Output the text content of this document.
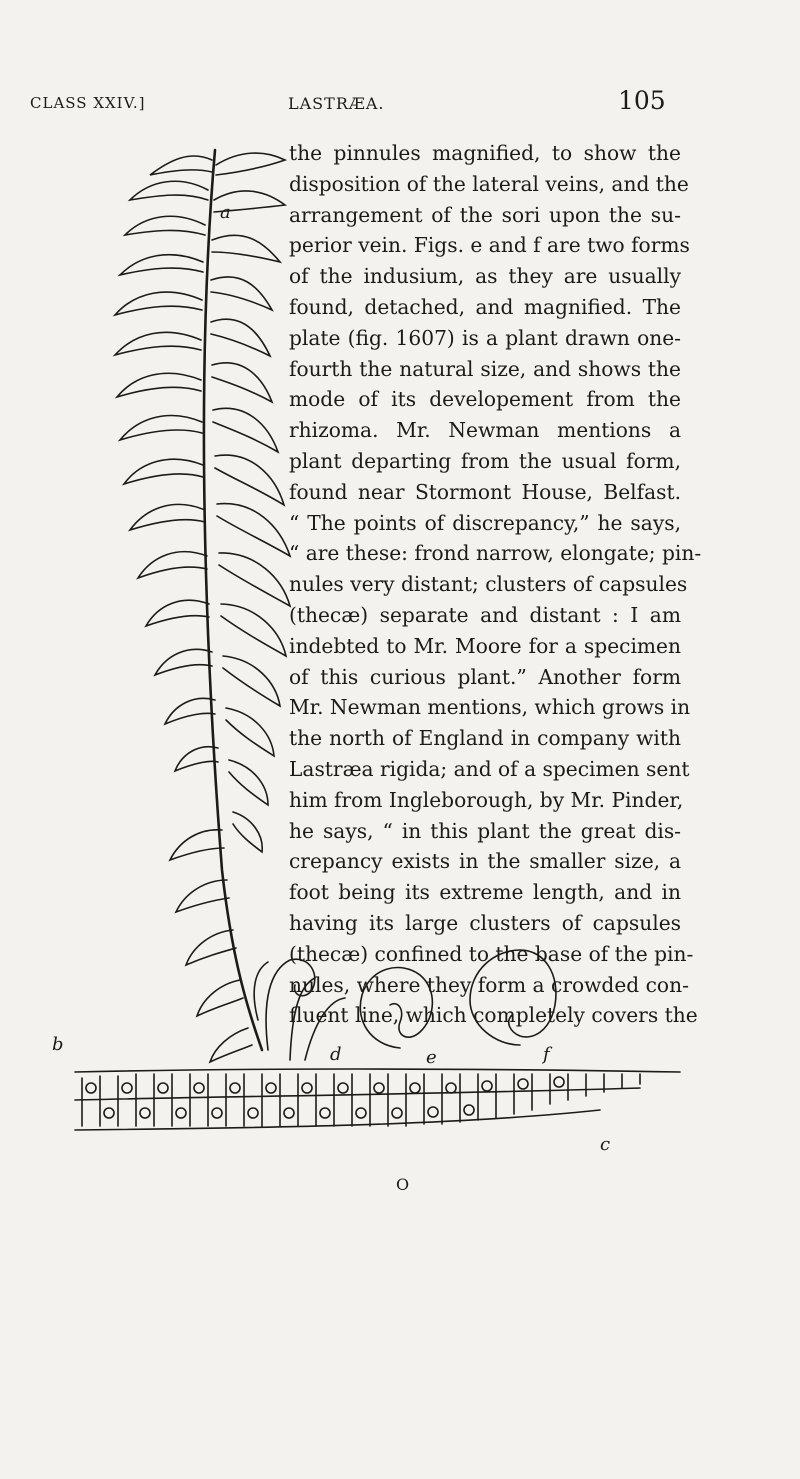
CLASS XXIV.]	LASTRÆA.	105
a
b	d	e	f
c
the pinnules magnified, to show the
disposition of the lateral veins, and the
arrangement of the sori upon the su-
perior vein. Figs. e and f are two forms
of the indusium, as they are usually
found, detached, and magnified. The
plate (fig. 1607) is a plant drawn one-
fourth the natural size, and shows the
mode of its developement from the
rhizoma. Mr. Newman mentions a
plant departing from the usual form,
found near Stormont House, Belfast.
“ The points of discrepancy,” he says,
“ are these: frond narrow, elongate; pin-
nules very distant; clusters of capsules
(thecæ) separate and distant : I am
indebted to Mr. Moore for a specimen
of this curious plant.” Another form
Mr. Newman mentions, which grows in
the north of England in company with
Lastræa rigida; and of a specimen sent
him from Ingleborough, by Mr. Pinder,
he says, “ in this plant the great dis-
crepancy exists in the smaller size, a
foot being its extreme length, and in
having its large clusters of capsules
(thecæ) confined to the base of the pin-
nules, where they form a crowded con-
fluent line, which completely covers the
O
